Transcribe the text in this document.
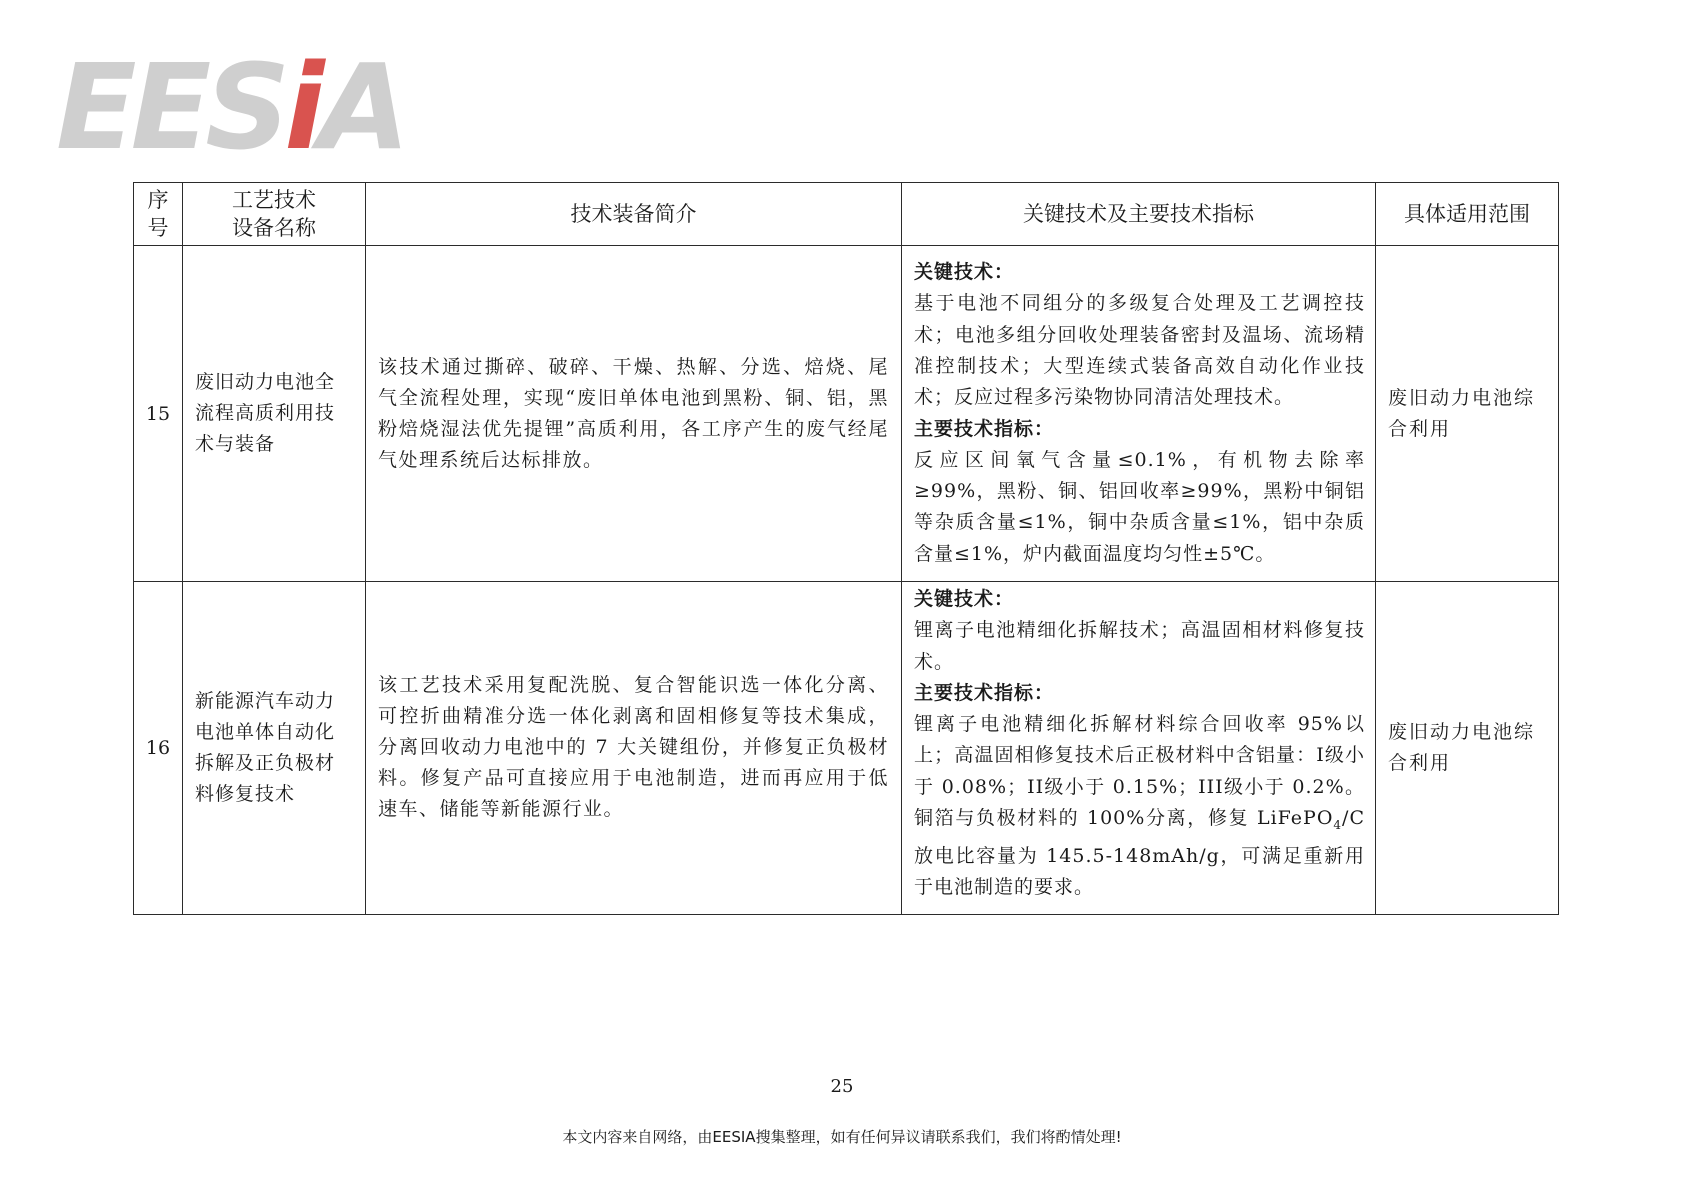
EESiA
序号	工艺技术设备名称	技术装备简介	关键技术及主要技术指标	具体适用范围
15	废旧动力电池全流程高质利用技术与装备	该技术通过撕碎、破碎、干燥、热解、分选、焙烧、尾气全流程处理，实现“废旧单体电池到黑粉、铜、铝，黑粉焙烧湿法优先提锂”高质利用，各工序产生的废气经尾气处理系统后达标排放。	关键技术：
基于电池不同组分的多级复合处理及工艺调控技术；电池多组分回收处理装备密封及温场、流场精准控制技术；大型连续式装备高效自动化作业技术；反应过程多污染物协同清洁处理技术。
主要技术指标：
反应区间氧气含量≤0.1%，有机物去除率≥99%，黑粉、铜、铝回收率≥99%，黑粉中铜铝等杂质含量≤1%，铜中杂质含量≤1%，铝中杂质含量≤1%，炉内截面温度均匀性±5℃。	废旧动力电池综合利用
16	新能源汽车动力电池单体自动化拆解及正负极材料修复技术	该工艺技术采用复配洗脱、复合智能识选一体化分离、可控折曲精准分选一体化剥离和固相修复等技术集成，分离回收动力电池中的 7 大关键组份，并修复正负极材料。修复产品可直接应用于电池制造，进而再应用于低速车、储能等新能源行业。	关键技术：
锂离子电池精细化拆解技术；高温固相材料修复技术。
主要技术指标：
锂离子电池精细化拆解材料综合回收率 95%以上；高温固相修复技术后正极材料中含铝量：I级小于 0.08%；II级小于 0.15%；III级小于 0.2%。铜箔与负极材料的 100%分离，修复 LiFePO$_4$/C 放电比容量为 145.5-148mAh/g，可满足重新用于电池制造的要求。	废旧动力电池综合利用
25
本文内容来自网络，由EESIA搜集整理，如有任何异议请联系我们，我们将酌情处理!
